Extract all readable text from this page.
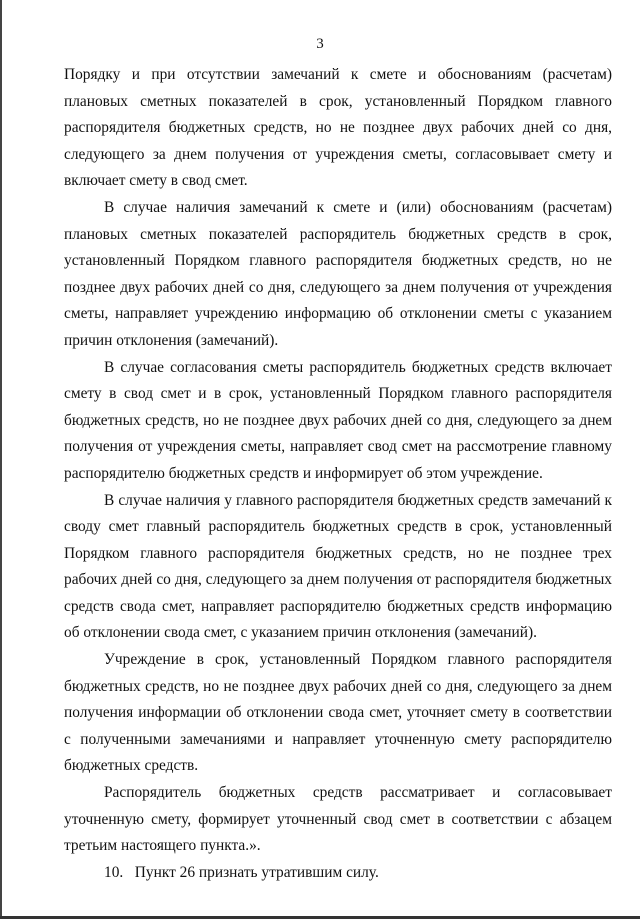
3

Порядку и при отсутствии замечаний к смете и обоснованиям (расчетам) плановых сметных показателей в срок, установленный Порядком главного распорядителя бюджетных средств, но не позднее двух рабочих дней со дня, следующего за днем получения от учреждения сметы, согласовывает смету и включает смету в свод смет.

В случае наличия замечаний к смете и (или) обоснованиям (расчетам) плановых сметных показателей распорядитель бюджетных средств в срок, установленный Порядком главного распорядителя бюджетных средств, но не позднее двух рабочих дней со дня, следующего за днем получения от учреждения сметы, направляет учреждению информацию об отклонении сметы с указанием причин отклонения (замечаний).

В случае согласования сметы распорядитель бюджетных средств включает смету в свод смет и в срок, установленный Порядком главного распорядителя бюджетных средств, но не позднее двух рабочих дней со дня, следующего за днем получения от учреждения сметы, направляет свод смет на рассмотрение главному распорядителю бюджетных средств и информирует об этом учреждение.

В случае наличия у главного распорядителя бюджетных средств замечаний к своду смет главный распорядитель бюджетных средств в срок, установленный Порядком главного распорядителя бюджетных средств, но не позднее трех рабочих дней со дня, следующего за днем получения от распорядителя бюджетных средств свода смет, направляет распорядителю бюджетных средств информацию об отклонении свода смет, с указанием причин отклонения (замечаний).

Учреждение в срок, установленный Порядком главного распорядителя бюджетных средств, но не позднее двух рабочих дней со дня, следующего за днем получения информации об отклонении свода смет, уточняет смету в соответствии с полученными замечаниями и направляет уточненную смету распорядителю бюджетных средств.

Распорядитель бюджетных средств рассматривает и согласовывает уточненную смету, формирует уточненный свод смет в соответствии с абзацем третьим настоящего пункта.».

10.   Пункт 26 признать утратившим силу.
